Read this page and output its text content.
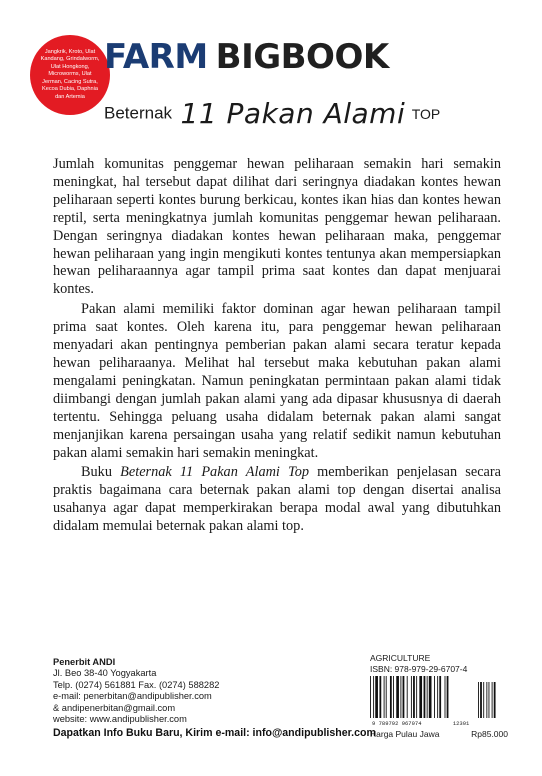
Jangkrik, Kroto, Ulat Kandang, Grindalworm, Ulat Hongkong, Microworms, Ulat Jerman, Cacing Sutra, Kecoa Dubia, Daphnia dan Artemia
FARM BIGBOOK
Beternak 11 Pakan Alami TOP

Jumlah komunitas penggemar hewan peliharaan semakin hari semakin meningkat, hal tersebut dapat dilihat dari seringnya diadakan kontes hewan peliharaan seperti kontes burung berkicau, kontes ikan hias dan kontes hewan reptil, serta meningkatnya jumlah komunitas penggemar hewan peliharaan. Dengan seringnya diadakan kontes hewan peliharaan maka, penggemar hewan peliharaan yang ingin mengikuti kontes tentunya akan mempersiapkan hewan peliharaannya agar tampil prima saat kontes dan dapat menjuarai kontes.

Pakan alami memiliki faktor dominan agar hewan peliharaan tampil prima saat kontes. Oleh karena itu, para penggemar hewan peliharaan menyadari akan pentingnya pemberian pakan alami secara teratur kepada hewan peliharaanya. Melihat hal tersebut maka kebutuhan pakan alami mengalami peningkatan. Namun peningkatan permintaan pakan alami tidak diimbangi dengan jumlah pakan alami yang ada dipasar khususnya di daerah tertentu. Sehingga peluang usaha didalam beternak pakan alami sangat menjanjikan karena persaingan usaha yang relatif sedikit namun kebutuhan pakan alami semakin hari semakin meningkat.

Buku Beternak 11 Pakan Alami Top memberikan penjelasan secara praktis bagaimana cara beternak pakan alami top dengan disertai analisa usahanya agar dapat memperkirakan berapa modal awal yang dibutuhkan didalam memulai beternak pakan alami top.

Penerbit ANDI
Jl. Beo 38-40 Yogyakarta
Telp. (0274) 561881 Fax. (0274) 588282
e-mail: penerbitan@andipublisher.com
& andipenerbitan@gmail.com
website: www.andipublisher.com
AGRICULTURE
ISBN: 978-979-29-6707-4
9 789792 967074	12301
Harga Pulau Jawa	Rp85.000
Dapatkan Info Buku Baru, Kirim e-mail: info@andipublisher.com
